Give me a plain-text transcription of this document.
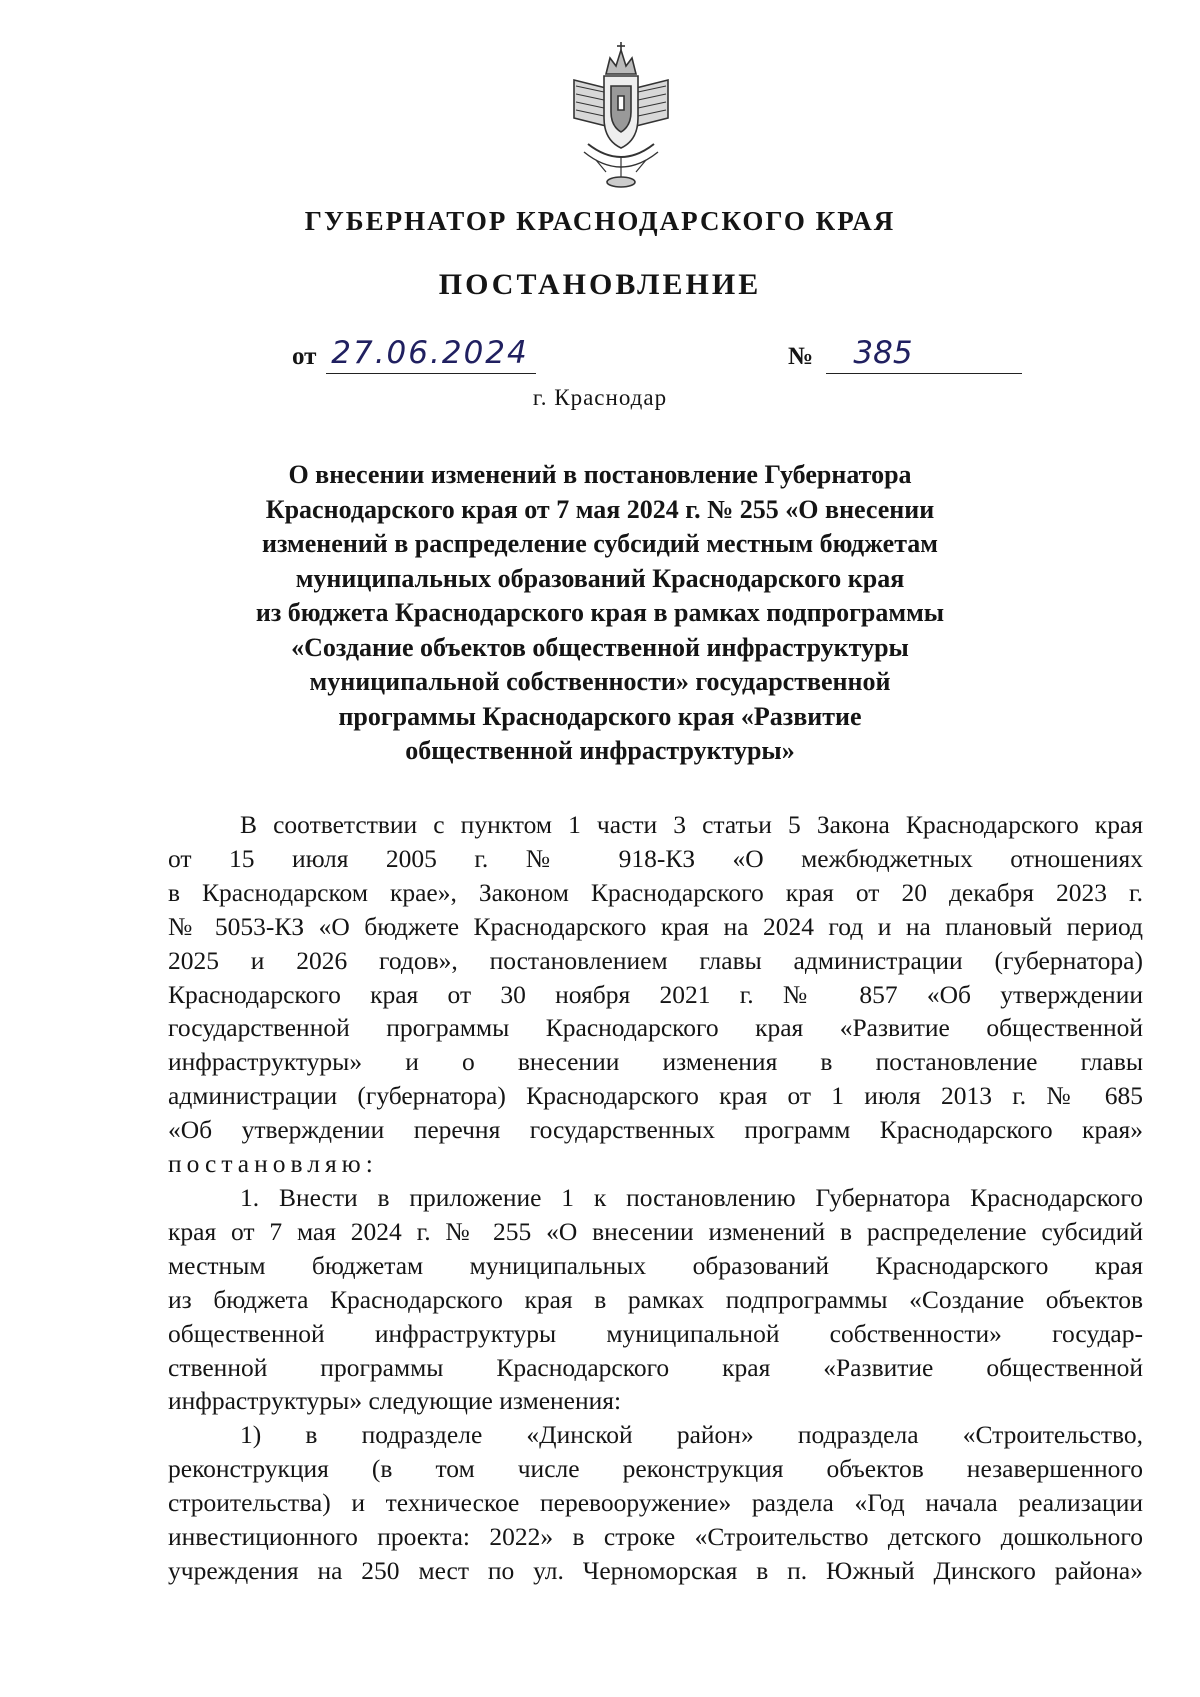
ГУБЕРНАТОР КРАСНОДАРСКОГО КРАЯ
ПОСТАНОВЛЕНИЕ
от 27.06.2024	№	385
г. Краснодар
О внесении изменений в постановление Губернатора
Краснодарского края от 7 мая 2024 г. № 255 «О внесении
изменений в распределение субсидий местным бюджетам
муниципальных образований Краснодарского края
из бюджета Краснодарского края в рамках подпрограммы
«Создание объектов общественной инфраструктуры
муниципальной собственности» государственной
программы Краснодарского края «Развитие
общественной инфраструктуры»
В соответствии с пунктом 1 части 3 статьи 5 Закона Краснодарского края
от 15 июля 2005 г. № 918-КЗ «О межбюджетных отношениях
в Краснодарском крае», Законом Краснодарского края от 20 декабря 2023 г.
№ 5053-КЗ «О бюджете Краснодарского края на 2024 год и на плановый период
2025 и 2026 годов», постановлением главы администрации (губернатора)
Краснодарского края от 30 ноября 2021 г. № 857 «Об утверждении
государственной программы Краснодарского края «Развитие общественной
инфраструктуры» и о внесении изменения в постановление главы
администрации (губернатора) Краснодарского края от 1 июля 2013 г. № 685
«Об утверждении перечня государственных программ Краснодарского края»
постановляю:
1. Внести в приложение 1 к постановлению Губернатора Краснодарского
края от 7 мая 2024 г. № 255 «О внесении изменений в распределение субсидий
местным бюджетам муниципальных образований Краснодарского края
из бюджета Краснодарского края в рамках подпрограммы «Создание объектов
общественной инфраструктуры муниципальной собственности» государ-
ственной программы Краснодарского края «Развитие общественной
инфраструктуры» следующие изменения:
1) в подразделе «Динской район» подраздела «Строительство,
реконструкция (в том числе реконструкция объектов незавершенного
строительства) и техническое перевооружение» раздела «Год начала реализации
инвестиционного проекта: 2022» в строке «Строительство детского дошкольного
учреждения на 250 мест по ул. Черноморская в п. Южный Динского района»
